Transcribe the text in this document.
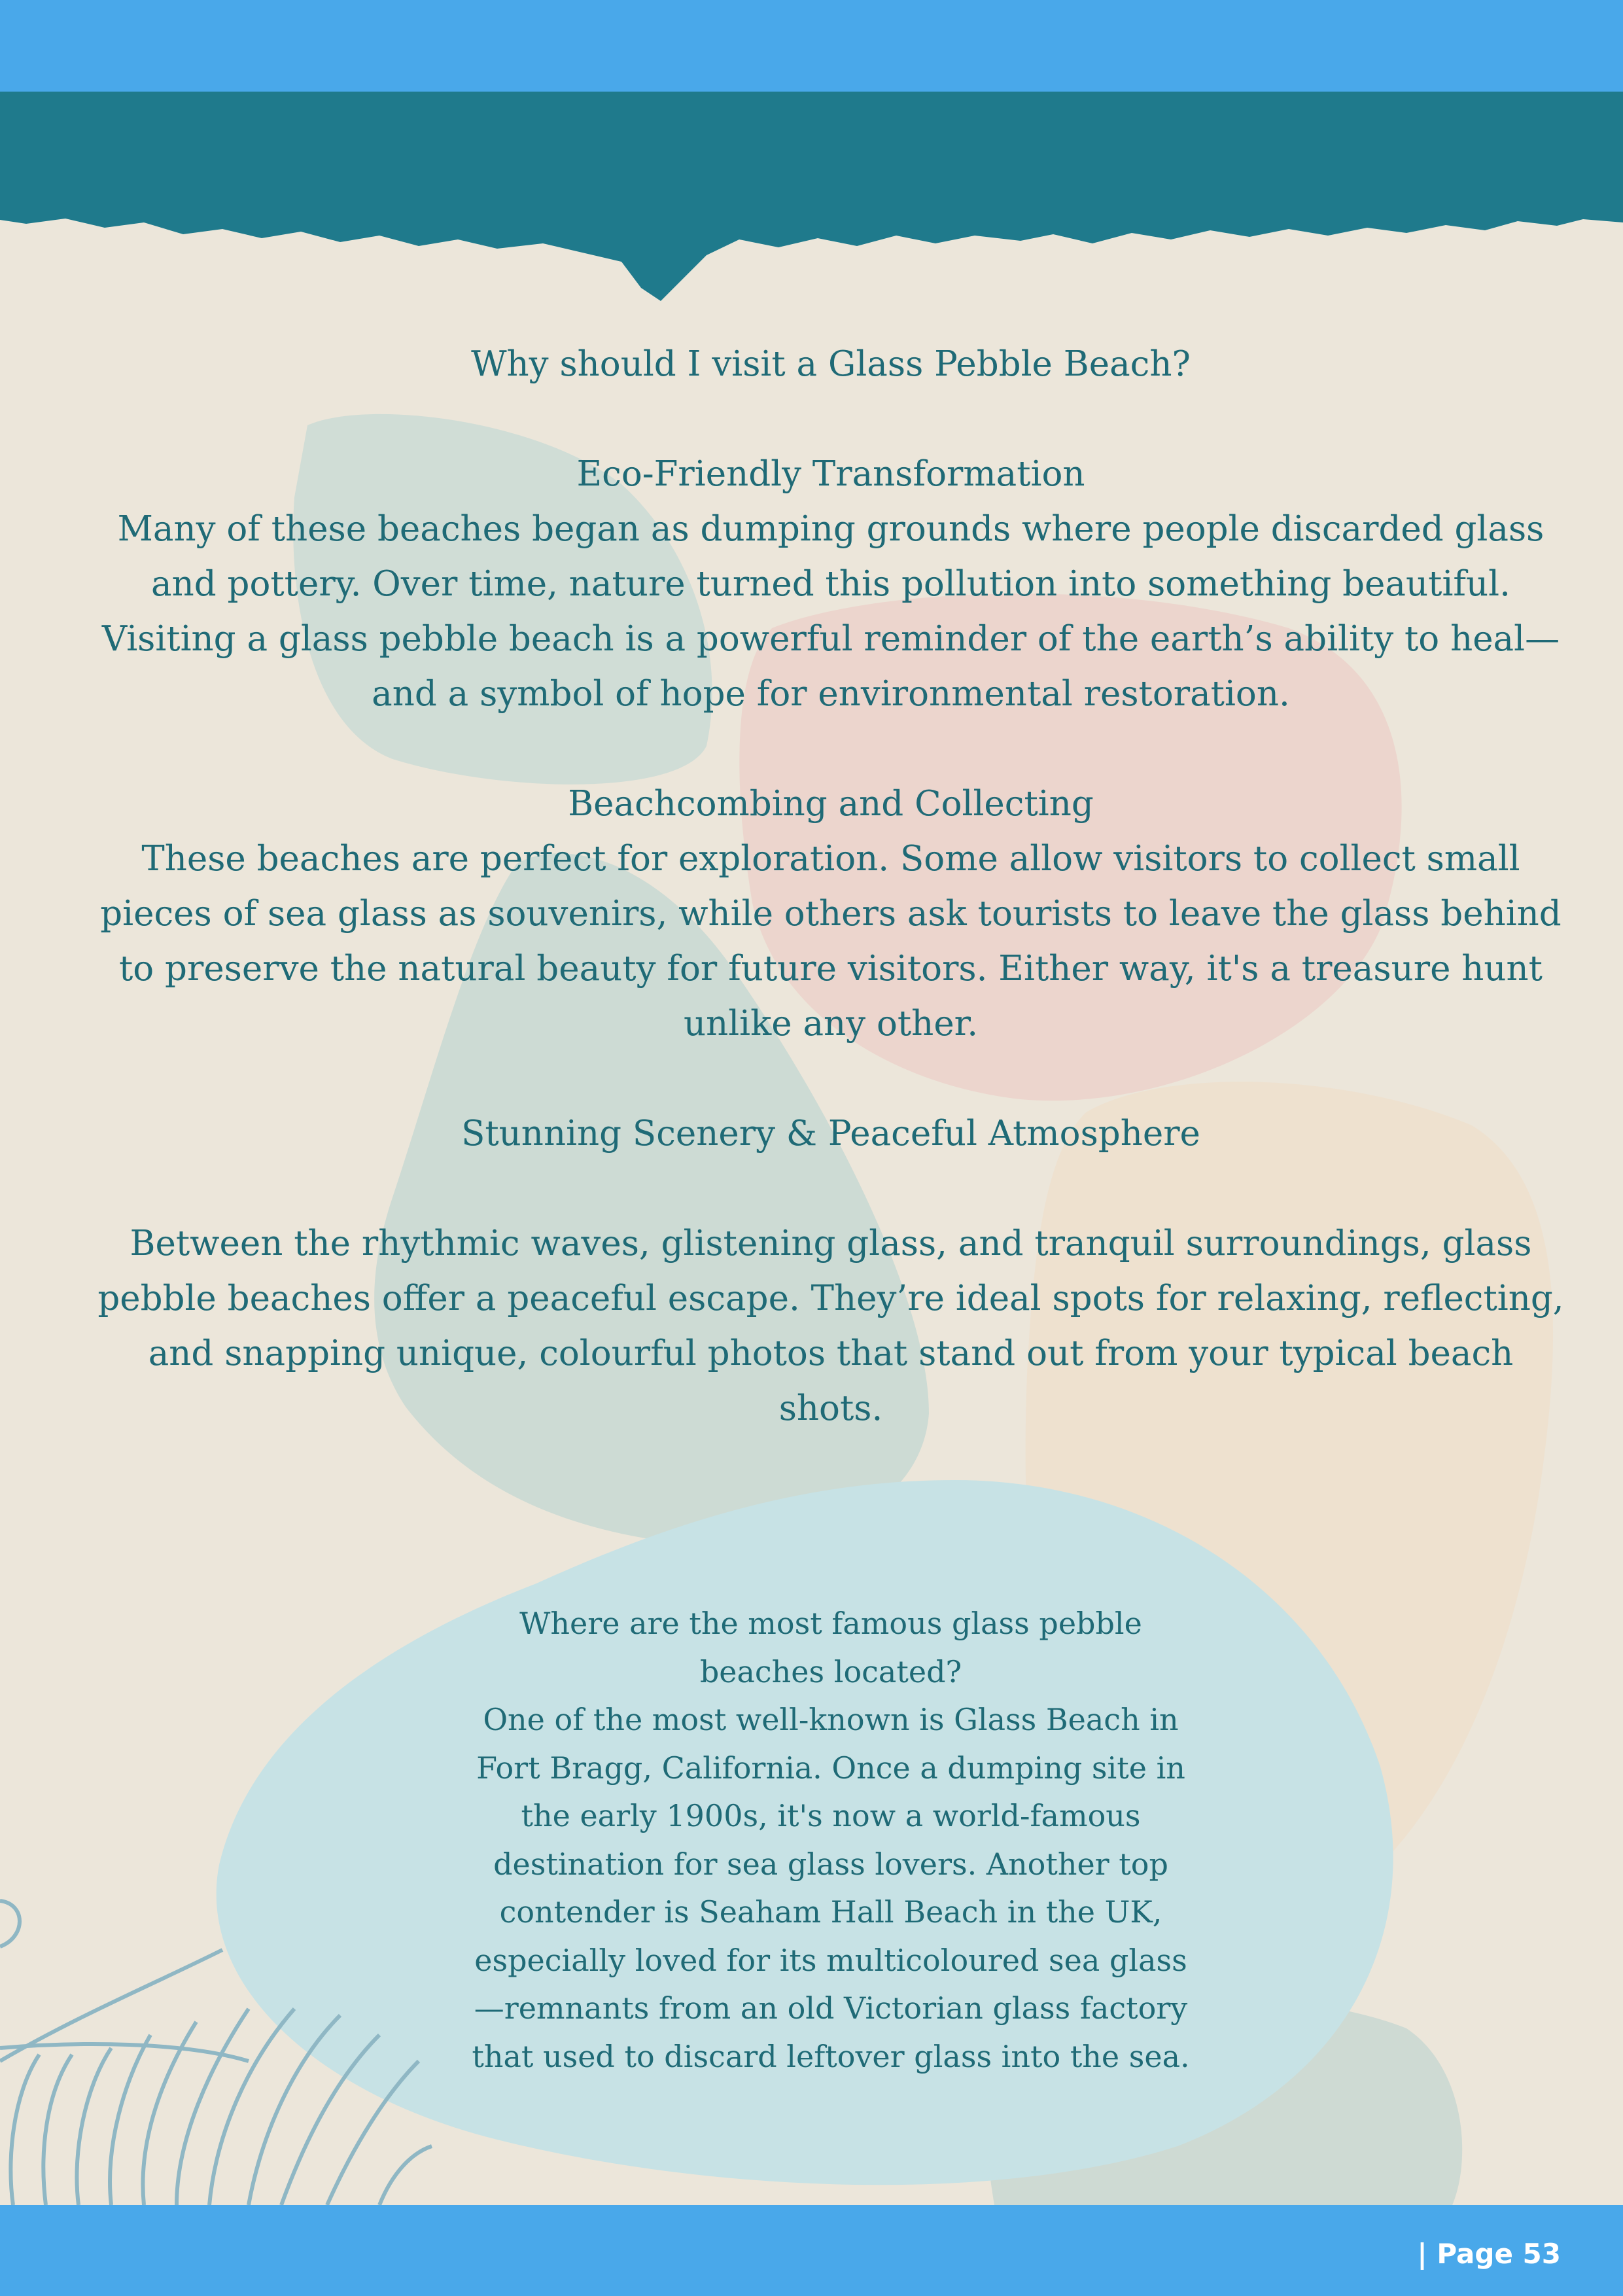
Why should I visit a Glass Pebble Beach?
Eco-Friendly Transformation

Many of these beaches began as dumping grounds where people discarded glass and pottery. Over time, nature turned this pollution into something beautiful. Visiting a glass pebble beach is a powerful reminder of the earth’s ability to heal—and a symbol of hope for environmental restoration.

Beachcombing and Collecting

These beaches are perfect for exploration. Some allow visitors to collect small pieces of sea glass as souvenirs, while others ask tourists to leave the glass behind to preserve the natural beauty for future visitors. Either way, it's a treasure hunt unlike any other.

Stunning Scenery & Peaceful Atmosphere

Between the rhythmic waves, glistening glass, and tranquil surroundings, glass pebble beaches offer a peaceful escape. They’re ideal spots for relaxing, reflecting, and snapping unique, colourful photos that stand out from your typical beach shots.

Where are the most famous glass pebble beaches located?

One of the most well-known is Glass Beach in Fort Bragg, California. Once a dumping site in the early 1900s, it's now a world-famous destination for sea glass lovers. Another top contender is Seaham Hall Beach in the UK, especially loved for its multicoloured sea glass—remnants from an old Victorian glass factory that used to discard leftover glass into the sea.

| Page 53
